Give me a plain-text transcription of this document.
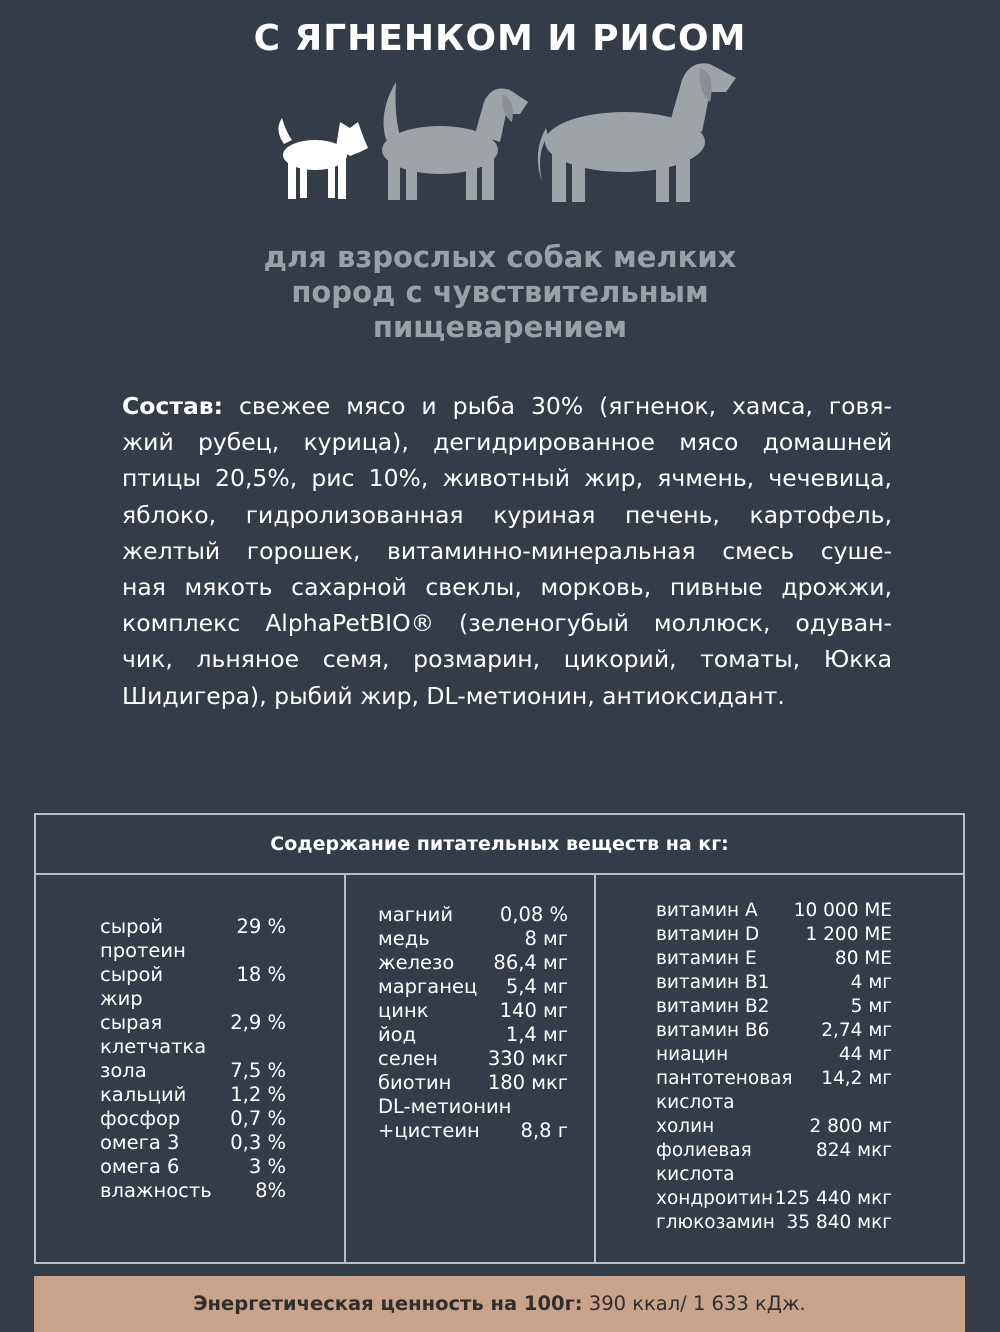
С ЯГНЕНКОМ И РИСОМ
для взрослых собак мелких
пород с чувствительным
пищеварением
Состав: свежее мясо и рыба 30% (ягненок, хамса, говя-
жий рубец, курица), дегидрированное мясо домашней
птицы 20,5%, рис 10%, животный жир, ячмень, чечевица,
яблоко, гидролизованная куриная печень, картофель,
желтый горошек, витаминно-минеральная смесь суше-
ная мякоть сахарной свеклы, морковь, пивные дрожжи,
комплекс AlphaPetBIO® (зеленогубый моллюск, одуван-
чик, льняное семя, розмарин, цикорий, томаты, Юкка
Шидигера), рыбий жир, DL-метионин, антиоксидант.
Содержание питательных веществ на кг:
сырой	29 %
протеин
сырой	18 %
жир
сырая	2,9 %
клетчатка
зола	7,5 %
кальций 1,2 %
фосфор	0,7 %
омега 3	0,3 %
омега 6	3 %
влажность 8%
магний 0,08 %
медь	8 мг
железо 86,4 мг
марганец 5,4 мг
цинк	140 мг
йод	1,4 мг
селен	330 мкг
биотин 180 мкг
DL-метионин
+цистеин 8,8 г
витамин А 10 000 МЕ
витамин D	1 200 МЕ
витамин Е	80 МЕ
витамин В1	4 мг
витамин В2	5 мг
витамин В6	2,74 мг
ниацин	44 мг
пантотеновая 14,2 мг
кислота
холин	2 800 мг
фолиевая	824 мкг
кислота
хондроитин 125 440 мкг
глюкозамин 35 840 мкг
Энергетическая ценность на 100г: 390 ккал/ 1 633 кДж.
